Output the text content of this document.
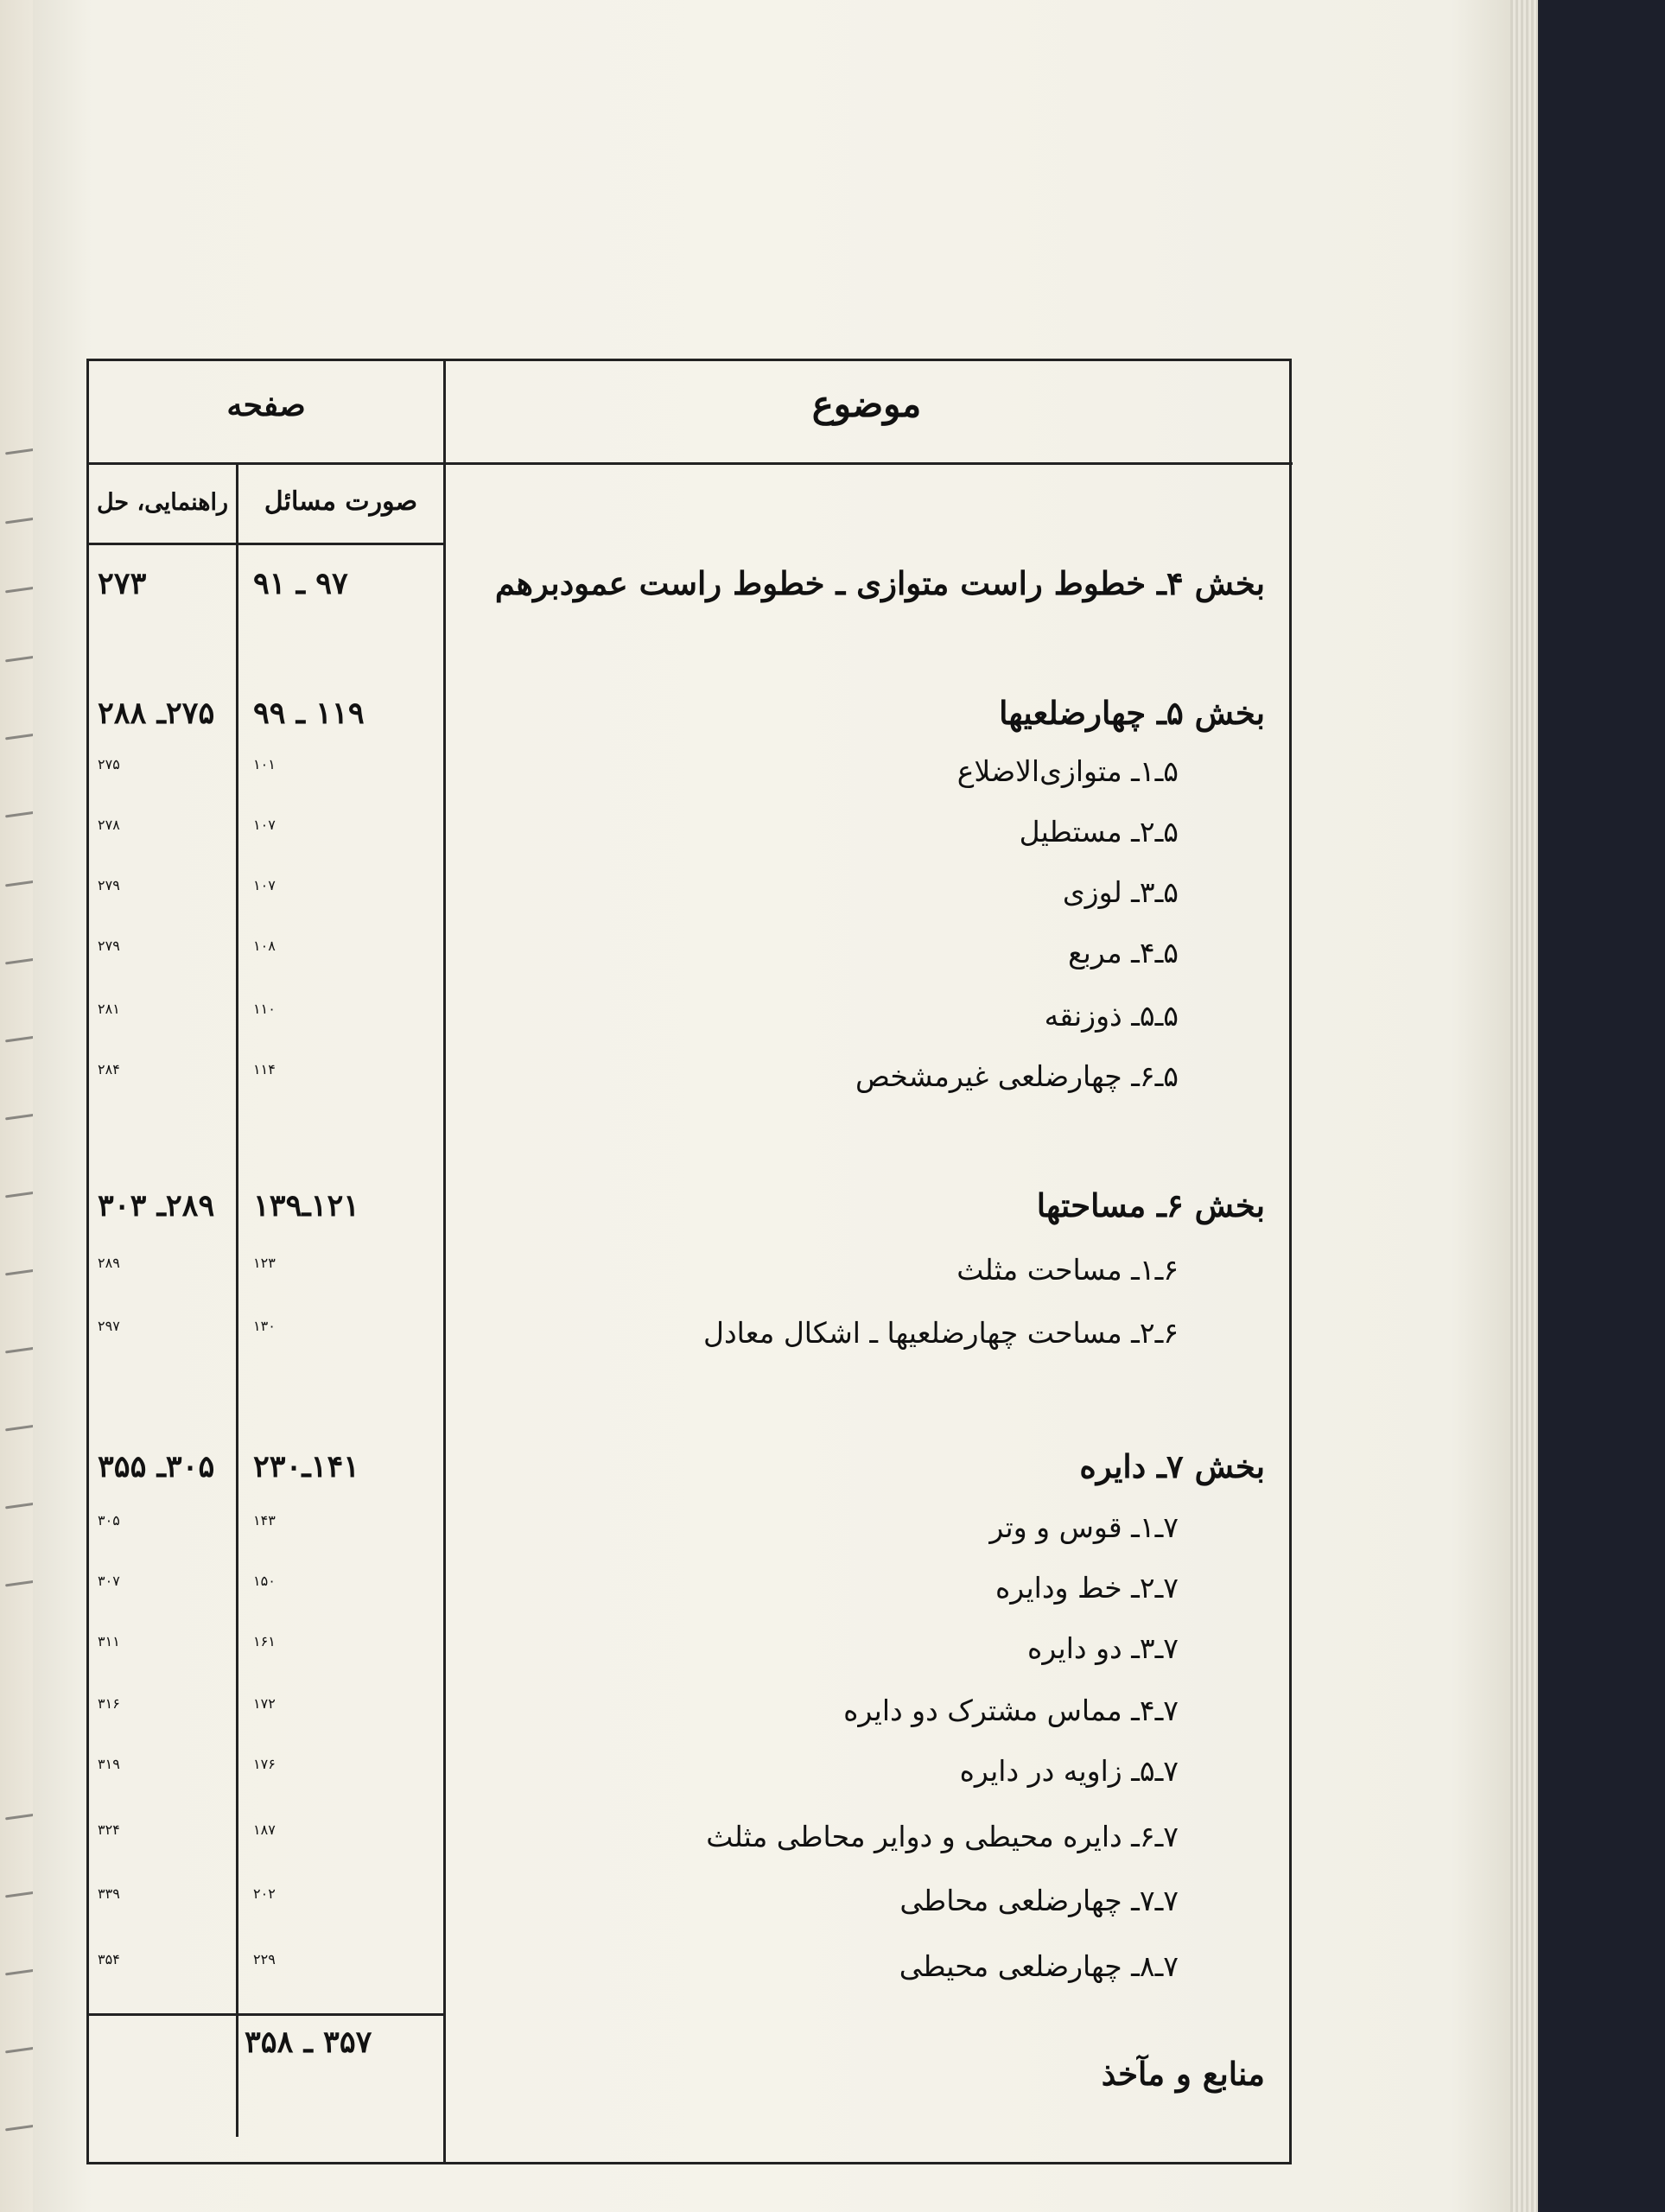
موضوع
صفحه
صورت مسائل
راهنمایی، حل
بخش ۴ـ خطوط راست متوازی ـ خطوط راست عمودبرهم
۹۷ ـ ۹۱
۲۷۳
بخش ۵ـ چهارضلعیها
۱۱۹ ـ ۹۹
۲۷۵ـ ۲۸۸
۵ـ۱ـ متوازی‌الاضلاع
۱۰۱
۲۷۵
۵ـ۲ـ مستطیل
۱۰۷
۲۷۸
۵ـ۳ـ لوزی
۱۰۷
۲۷۹
۵ـ۴ـ مربع
۱۰۸
۲۷۹
۵ـ۵ـ ذوزنقه
۱۱۰
۲۸۱
۵ـ۶ـ چهارضلعی غیرمشخص
۱۱۴
۲۸۴
بخش ۶ـ مساحتها
۱۲۱ـ۱۳۹
۲۸۹ـ ۳۰۳
۶ـ۱ـ مساحت مثلث
۱۲۳
۲۸۹
۶ـ۲ـ مساحت چهارضلعیها ـ اشکال معادل
۱۳۰
۲۹۷
بخش ۷ـ دایره
۱۴۱ـ۲۳۰
۳۰۵ـ ۳۵۵
۷ـ۱ـ قوس و وتر
۱۴۳
۳۰۵
۷ـ۲ـ خط ودایره
۱۵۰
۳۰۷
۷ـ۳ـ دو دایره
۱۶۱
۳۱۱
۷ـ۴ـ مماس مشترک دو دایره
۱۷۲
۳۱۶
۷ـ۵ـ زاویه در دایره
۱۷۶
۳۱۹
۷ـ۶ـ دایره محیطی و دوایر محاطی مثلث
۱۸۷
۳۲۴
۷ـ۷ـ چهارضلعی محاطی
۲۰۲
۳۳۹
۷ـ۸ـ چهارضلعی محیطی
۲۲۹
۳۵۴
منابع و مآخذ
۳۵۷ ـ ۳۵۸
